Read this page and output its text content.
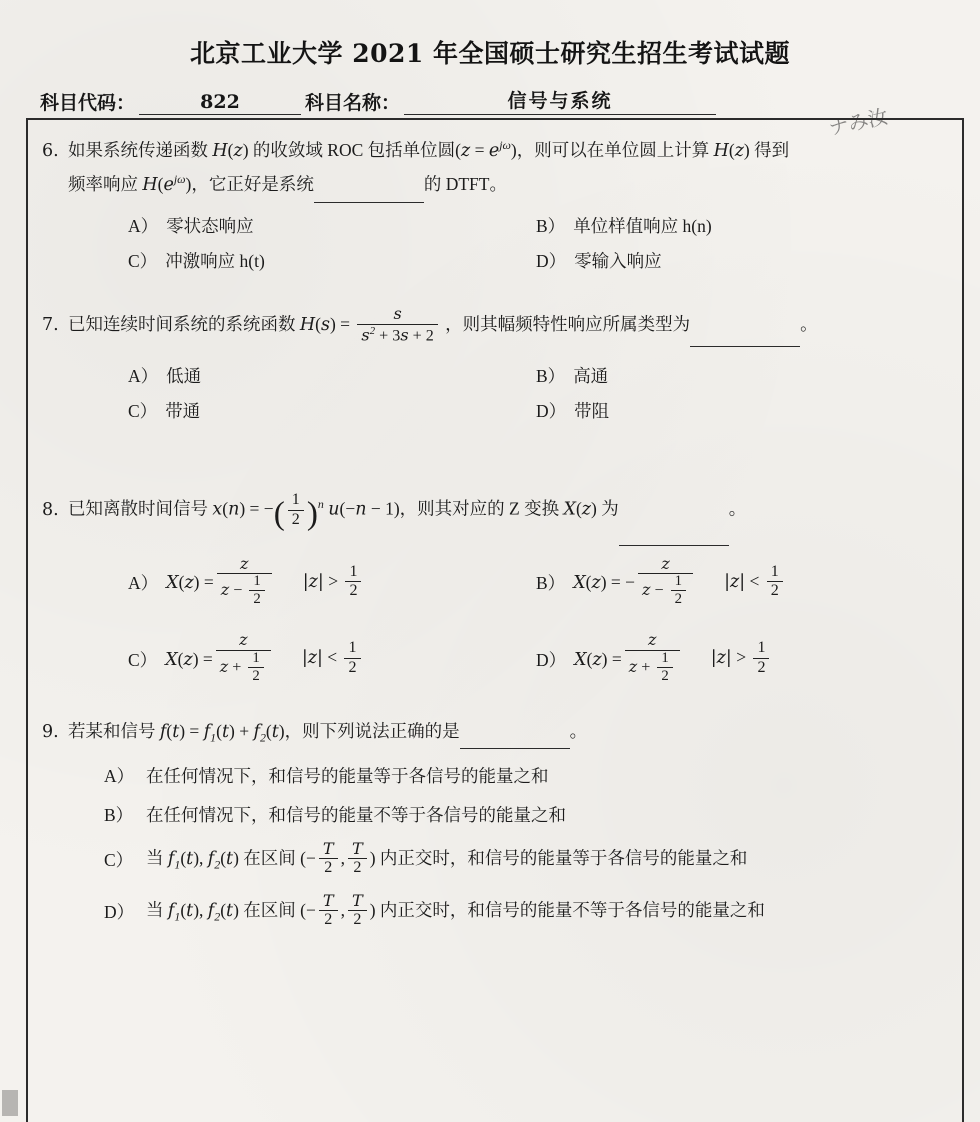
北京工业大学 2021 年全国硕士研究生招生考试试题
科目代码：	822	科目名称：	信号与系统
ナみ汝
6. 如果系统传递函数 H(z) 的收敛域 ROC 包括单位圆$(z = e^{j\omega})$，则可以在单位圆上计算 H(z) 得到
频率响应 $H(e^{j\omega})$，它正好是系统	的 DTFT。
A） 零状态响应	B） 单位样值响应 h(n)
C） 冲激响应 h(t)	D） 零输入响应
7. 已知连续时间系统的系统函数 $H(s) = \frac{s}{s^2 + 3s + 2}$ ，则其幅频特性响应所属类型为	。
A） 低通	B） 高通
C） 带通	D） 带阻
8. 已知离散时间信号 x(n) = −( $\frac{1}{2} )^n$ u(−n − 1)，则其对应的 Z 变换 X(z) 为	。
A） $X(z) = \frac{z}{z - \frac{1}{2}} |z| > \frac{1}{2}$	B） X(z) = − $\frac{z}{z - \frac{1}{2}} |z| < \frac{1}{2}$
C） $X(z) = \frac{z}{z + \frac{1}{2}} |z| < \frac{1}{2}$	D） $X(z) = \frac{z}{z + \frac{1}{2}} |z| > \frac{1}{2}$
9. 若某和信号 $f(t) = f_1(t) + f_2(t)$，则下列说法正确的是	。
A） 在任何情况下，和信号的能量等于各信号的能量之和
B） 在任何情况下，和信号的能量不等于各信号的能量之和
C） 当 $f_1(t)$, $f_2(t)$ 在区间 (− $\frac{T}{2}$ , $\frac{T}{2}$ ) 内正交时，和信号的能量等于各信号的能量之和
D） 当 $f_1(t)$, $f_2(t)$ 在区间 (− $\frac{T}{2}$ , $\frac{T}{2}$ ) 内正交时，和信号的能量不等于各信号的能量之和
